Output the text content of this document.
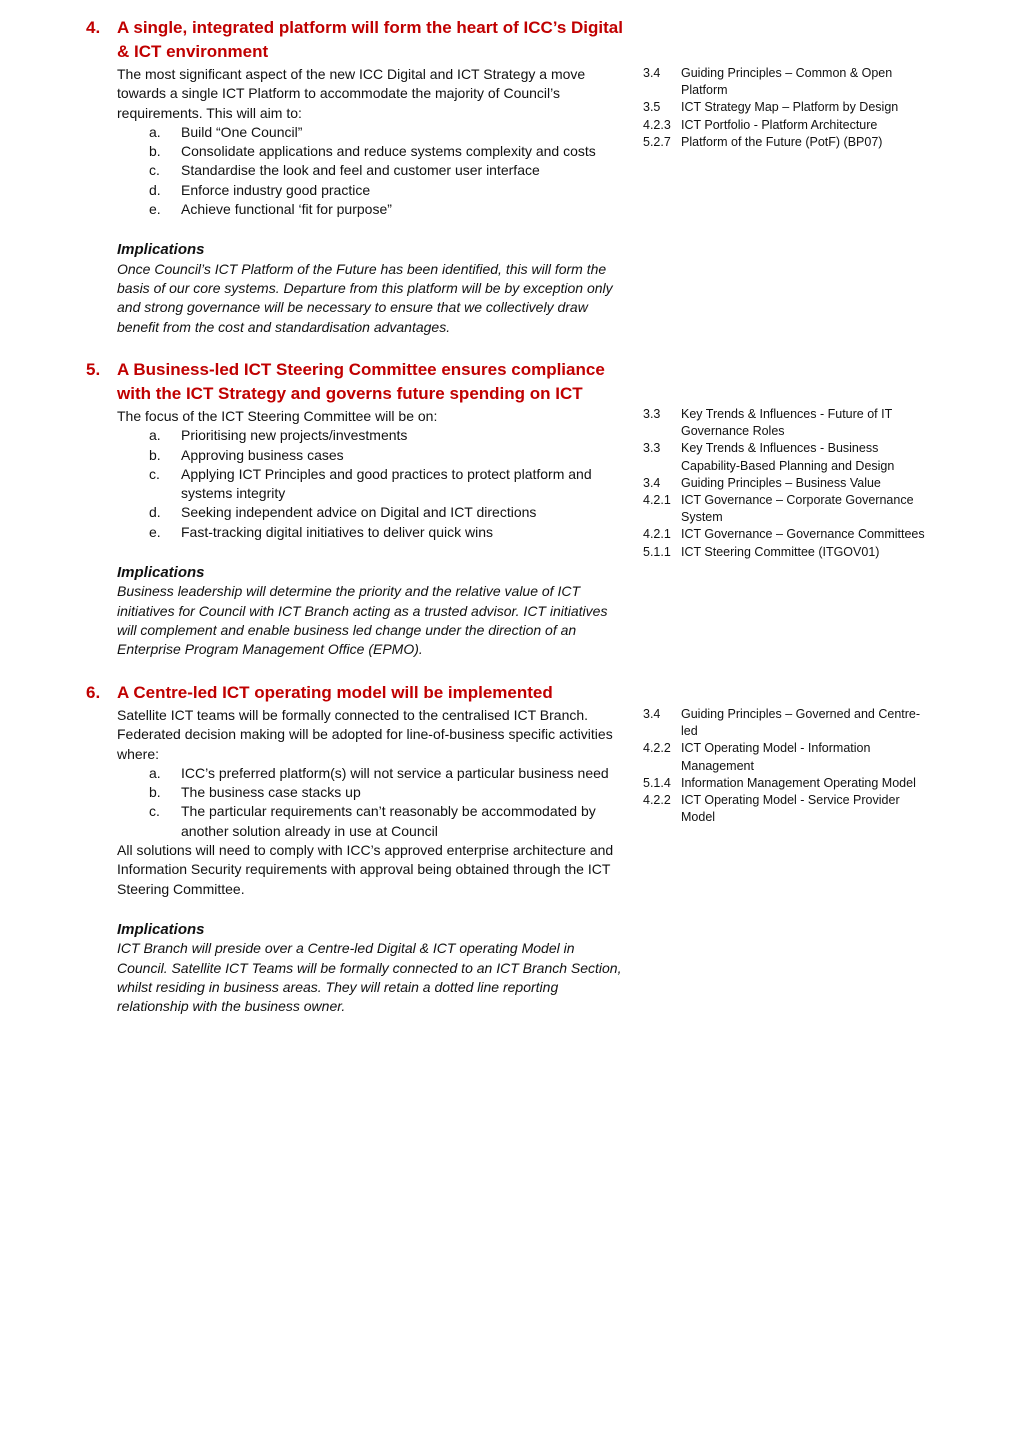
4. A single, integrated platform will form the heart of ICC’s Digital & ICT environment

The most significant aspect of the new ICC Digital and ICT Strategy a move towards a single ICT Platform to accommodate the majority of Council’s requirements. This will aim to:

a. Build “One Council”
b. Consolidate applications and reduce systems complexity and costs
c. Standardise the look and feel and customer user interface
d. Enforce industry good practice
e. Achieve functional ‘fit for purpose”
Implications

Once Council’s ICT Platform of the Future has been identified, this will form the basis of our core systems. Departure from this platform will be by exception only and strong governance will be necessary to ensure that we collectively draw benefit from the cost and standardisation advantages.

3.4 Guiding Principles – Common & Open Platform
3.5 ICT Strategy Map – Platform by Design
4.2.3 ICT Portfolio - Platform Architecture
5.2.7 Platform of the Future (PotF) (BP07)
5. A Business-led ICT Steering Committee ensures compliance with the ICT Strategy and governs future spending on ICT

The focus of the ICT Steering Committee will be on:

a. Prioritising new projects/investments
b. Approving business cases
c. Applying ICT Principles and good practices to protect platform and systems integrity
d. Seeking independent advice on Digital and ICT directions
e. Fast-tracking digital initiatives to deliver quick wins
Implications

Business leadership will determine the priority and the relative value of ICT initiatives for Council with ICT Branch acting as a trusted advisor. ICT initiatives will complement and enable business led change under the direction of an Enterprise Program Management Office (EPMO).

3.3 Key Trends & Influences - Future of IT Governance Roles
3.3 Key Trends & Influences - Business Capability-Based Planning and Design
3.4 Guiding Principles – Business Value
4.2.1 ICT Governance – Corporate Governance System
4.2.1 ICT Governance – Governance Committees
5.1.1 ICT Steering Committee (ITGOV01)
6. A Centre-led ICT operating model will be implemented

Satellite ICT teams will be formally connected to the centralised ICT Branch. Federated decision making will be adopted for line-of-business specific activities where:

a. ICC’s preferred platform(s) will not service a particular business need
b. The business case stacks up
c. The particular requirements can’t reasonably be accommodated by another solution already in use at Council

All solutions will need to comply with ICC’s approved enterprise architecture and Information Security requirements with approval being obtained through the ICT Steering Committee.

Implications

ICT Branch will preside over a Centre-led Digital & ICT operating Model in Council. Satellite ICT Teams will be formally connected to an ICT Branch Section, whilst residing in business areas. They will retain a dotted line reporting relationship with the business owner.

3.4 Guiding Principles – Governed and Centre-led
4.2.2 ICT Operating Model - Information Management
5.1.4 Information Management Operating Model
4.2.2 ICT Operating Model - Service Provider Model
